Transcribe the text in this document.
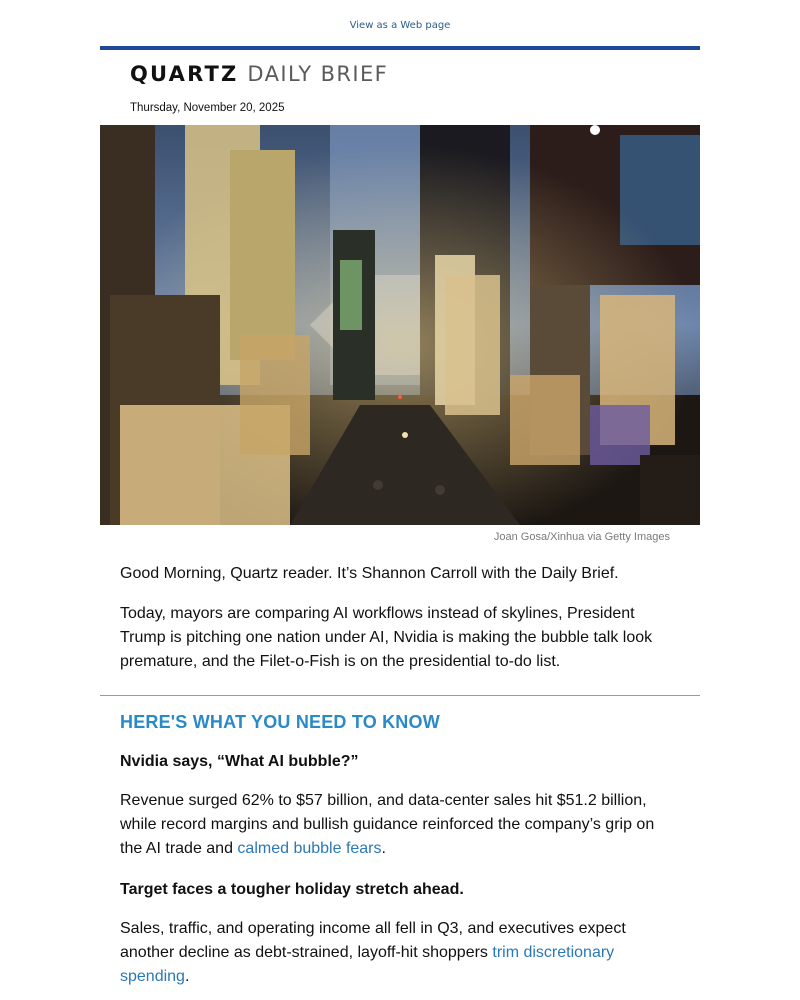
View as a Web page
QUARTZ DAILY BRIEF
Thursday, November 20, 2025
Joan Gosa/Xinhua via Getty Images

Good Morning, Quartz reader. It’s Shannon Carroll with the Daily Brief.

Today, mayors are comparing AI workflows instead of skylines, President Trump is pitching one nation under AI, Nvidia is making the bubble talk look premature, and the Filet-o-Fish is on the presidential to-do list.

HERE'S WHAT YOU NEED TO KNOW
Nvidia says, “What AI bubble?”
Revenue surged 62% to $57 billion, and data-center sales hit $51.2 billion, while record margins and bullish guidance reinforced the company’s grip on the AI trade and calmed bubble fears.
Target faces a tougher holiday stretch ahead.
Sales, traffic, and operating income all fell in Q3, and executives expect another decline as debt-strained, layoff-hit shoppers trim discretionary spending.
